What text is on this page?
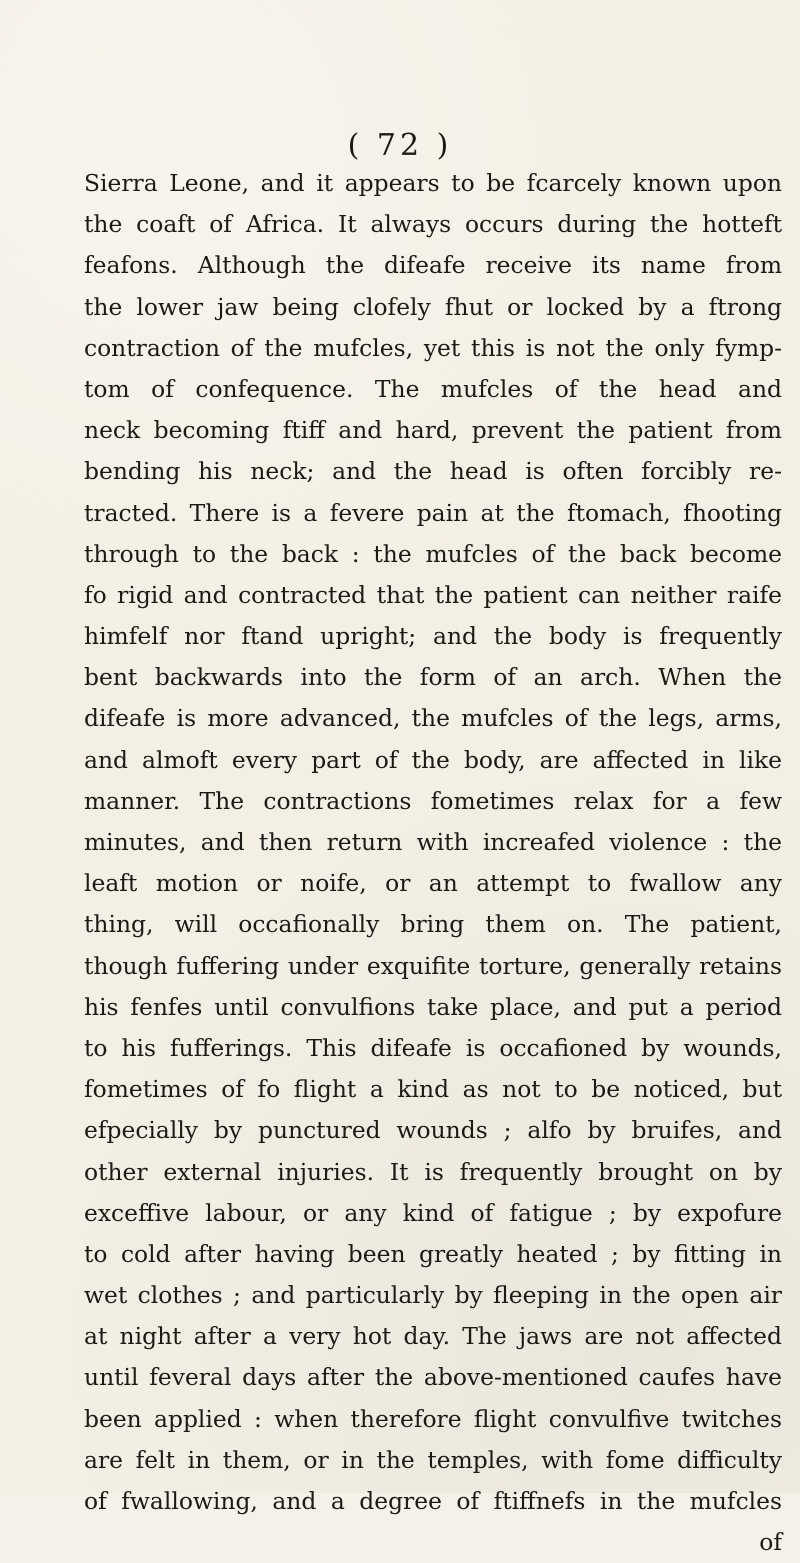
( 72 )
Sierra Leone, and it appears to be fcarcely known upon
the coaft of Africa. It always occurs during the hotteft
feafons. Although the difeafe receive its name from
the lower jaw being clofely fhut or locked by a ftrong
contraction of the mufcles, yet this is not the only fymp-
tom of confequence. The mufcles of the head and
neck becoming ftiff and hard, prevent the patient from
bending his neck; and the head is often forcibly re-
tracted. There is a fevere pain at the ftomach, fhooting
through to the back : the mufcles of the back become
fo rigid and contracted that the patient can neither raife
himfelf nor ftand upright; and the body is frequently
bent backwards into the form of an arch. When the
difeafe is more advanced, the mufcles of the legs, arms,
and almoft every part of the body, are affected in like
manner. The contractions fometimes relax for a few
minutes, and then return with increafed violence : the
leaft motion or noife, or an attempt to fwallow any
thing, will occafionally bring them on. The patient,
though fuffering under exquifite torture, generally retains
his fenfes until convulfions take place, and put a period
to his fufferings. This difeafe is occafioned by wounds,
fometimes of fo flight a kind as not to be noticed, but
efpecially by punctured wounds ; alfo by bruifes, and
other external injuries. It is frequently brought on by
exceffive labour, or any kind of fatigue ; by expofure
to cold after having been greatly heated ; by fitting in
wet clothes ; and particularly by fleeping in the open air
at night after a very hot day. The jaws are not affected
until feveral days after the above-mentioned caufes have
been applied : when therefore flight convulfive twitches
are felt in them, or in the temples, with fome difficulty
of fwallowing, and a degree of ftiffnefs in the mufcles
of
